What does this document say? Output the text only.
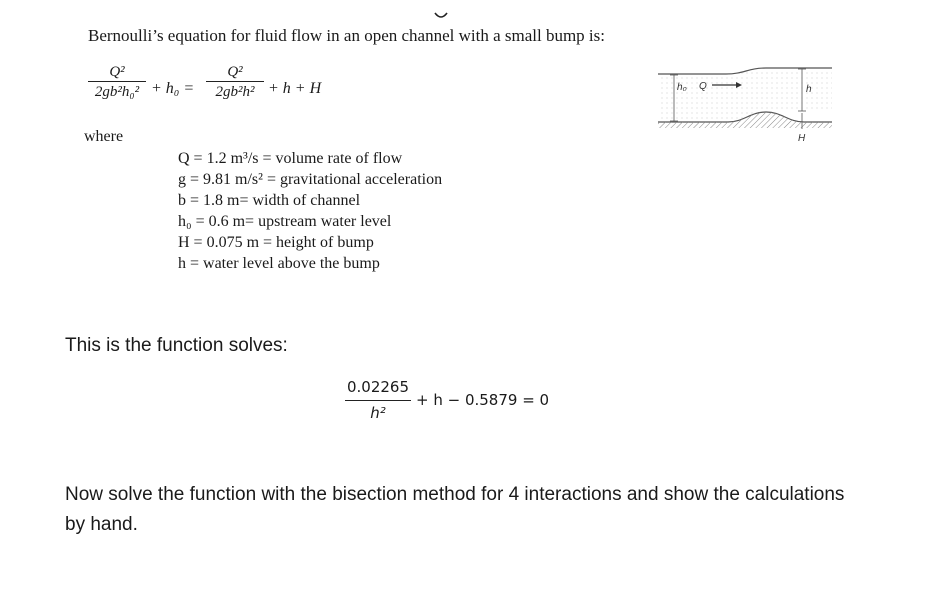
Bernoulli’s equation for fluid flow in an open channel with a small bump is:
Q²
2gb²h₀² + h₀ =
Q²
2gb²h² + h + H	h₀ Q	h
H
where
Q = 1.2 m³/s = volume rate of flow
g = 9.81 m/s² = gravitational acceleration
b = 1.8 m= width of channel
h₀ = 0.6 m= upstream water level
H = 0.075 m = height of bump
h = water level above the bump
This is the function solves:
0.02265
h²
+ h − 0.5879 = 0
Now solve the function with the bisection method for 4 interactions and show the calculations by hand.
